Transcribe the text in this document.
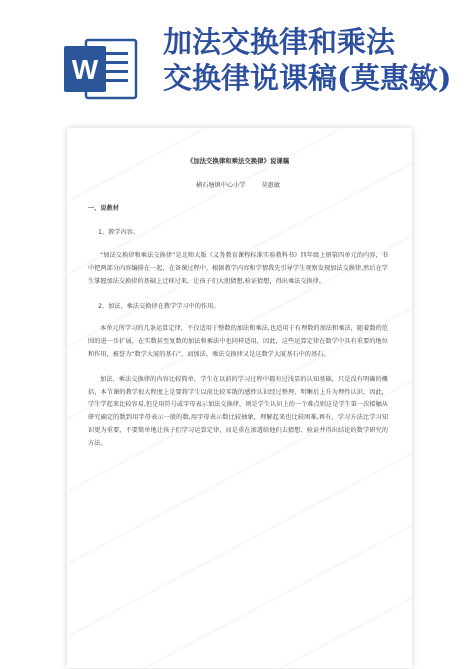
W
加法交换律和乘法
交换律说课稿(莫惠敏)
《加法交换律和乘法交换律》说课稿
横石塘镇中心小学	莫惠敏
一、说教材
1、教学内容。
“加法交换律和乘法交换律”是北师大版《义务教育课程标准实验教科书》四年级上册第四单元的内容，书中把两部分内容编排在一起，在备课过程中，根据教学内容和学情我先引导学生观察发现加法交换律,然后在学生掌握加法交换律的基础上迁移过来，让孩子们大胆猜想,验证猜想，得出乘法交换律。
2、加法、乘法交换律在教学学习中的作用。
本单元所学习的几条运算定律，不仅适用于整数的加法和乘法,也适用于有理数的加法和乘法，随着数的范围的进一步扩展，在实数甚至复数的加法和乘法中也同样适用，因此，这些运算定律在数学中具有重要的地位和作用，被誉为“数学大厦的基石”，而加法、乘法交换律又是这数学大厦基石中的基石。
加法、乘法交换律的内容比较简单，学生在以前的学习过程中都有过浅显的认知基础，只是没有明确的概括，本节课的教学很大程度上是要将学生以前比较零散的感性认识经过整理、明晰后上升为理性认识，因此，学生学起来比较容易,但是用符号或字母表示加法交换律，则是学生认识上的一个难点则这是学生第一次接触从研究确定的数到用字母表示一般的数,用字母表示数比较抽象，理解起来也比较困难,再有，学习方法比学习知识更为重要，不要简单地让孩子们学习运算定律，而是重在渗透给他们去猜想、验证并得出结论的数学研究的方法。
